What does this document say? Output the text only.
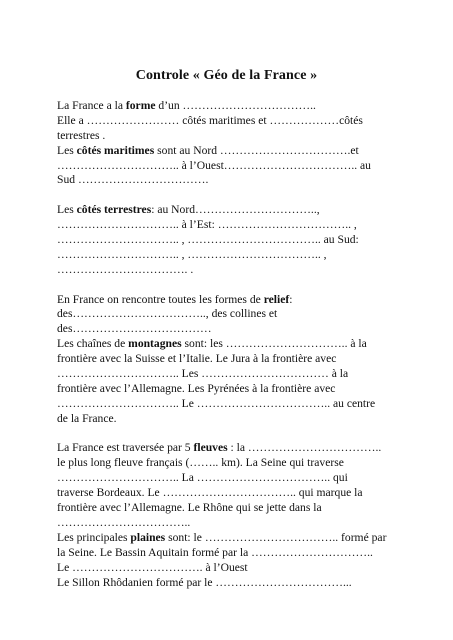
Controle « Géo de la France »
La France a la forme d’un ……………………………..
Elle a …………………… côtés maritimes et ………………côtés
terrestres .
Les côtés maritimes sont au Nord …………………………….et
………………………….. à l’Ouest…………………………….. au
Sud …………………………….
Les côtés terrestres: au Nord…………………………..,
………………………….. à l’Est: …………………………….. ,
………………………….. , …………………………….. au Sud:
………………………….. , …………………………….. ,
……………………………. .
En France on rencontre toutes les formes de relief:
des…………………………….., des collines et
des………………………………
Les chaînes de montagnes sont: les ………………………….. à la
frontière avec la Suisse et l’Italie. Le Jura à la frontière avec
………………………….. Les …………………………… à la
frontière avec l’Allemagne. Les Pyrénées à la frontière avec
………………………….. Le …………………………….. au centre
de la France.
La France est traversée par 5 fleuves : la ……………………………..
le plus long fleuve français (…….. km). La Seine qui traverse
………………………….. La …………………………….. qui
traverse Bordeaux. Le …………………………….. qui marque la
frontière avec l’Allemagne. Le Rhône qui se jette dans la
……………………………..
Les principales plaines sont: le …………………………….. formé par
la Seine. Le Bassin Aquitain formé par la …………………………..
Le ……………………………. à l’Ouest
Le Sillon Rhôdanien formé par le ……………………………...
